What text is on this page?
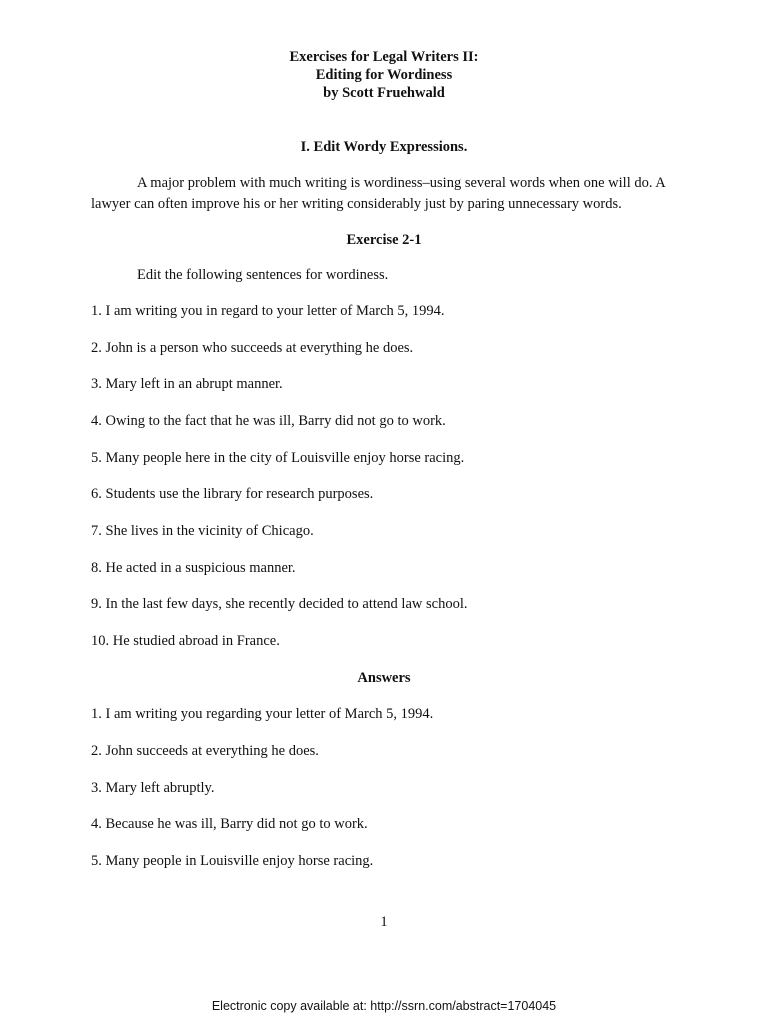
Exercises for Legal Writers II:
Editing for Wordiness
by Scott Fruehwald
I. Edit Wordy Expressions.
A major problem with much writing is wordiness–using several words when one will do. A lawyer can often improve his or her writing considerably just by paring unnecessary words.
Exercise 2-1
Edit the following sentences for wordiness.
1. I am writing you in regard to your letter of March 5, 1994.
2. John is a person who succeeds at everything he does.
3. Mary left in an abrupt manner.
4. Owing to the fact that he was ill, Barry did not go to work.
5. Many people here in the city of Louisville enjoy horse racing.
6. Students use the library for research purposes.
7. She lives in the vicinity of Chicago.
8. He acted in a suspicious manner.
9. In the last few days, she recently decided to attend law school.
10. He studied abroad in France.
Answers
1. I am writing you regarding your letter of March 5, 1994.
2. John succeeds at everything he does.
3. Mary left abruptly.
4. Because he was ill, Barry did not go to work.
5. Many people in Louisville enjoy horse racing.
1
Electronic copy available at: http://ssrn.com/abstract=1704045
